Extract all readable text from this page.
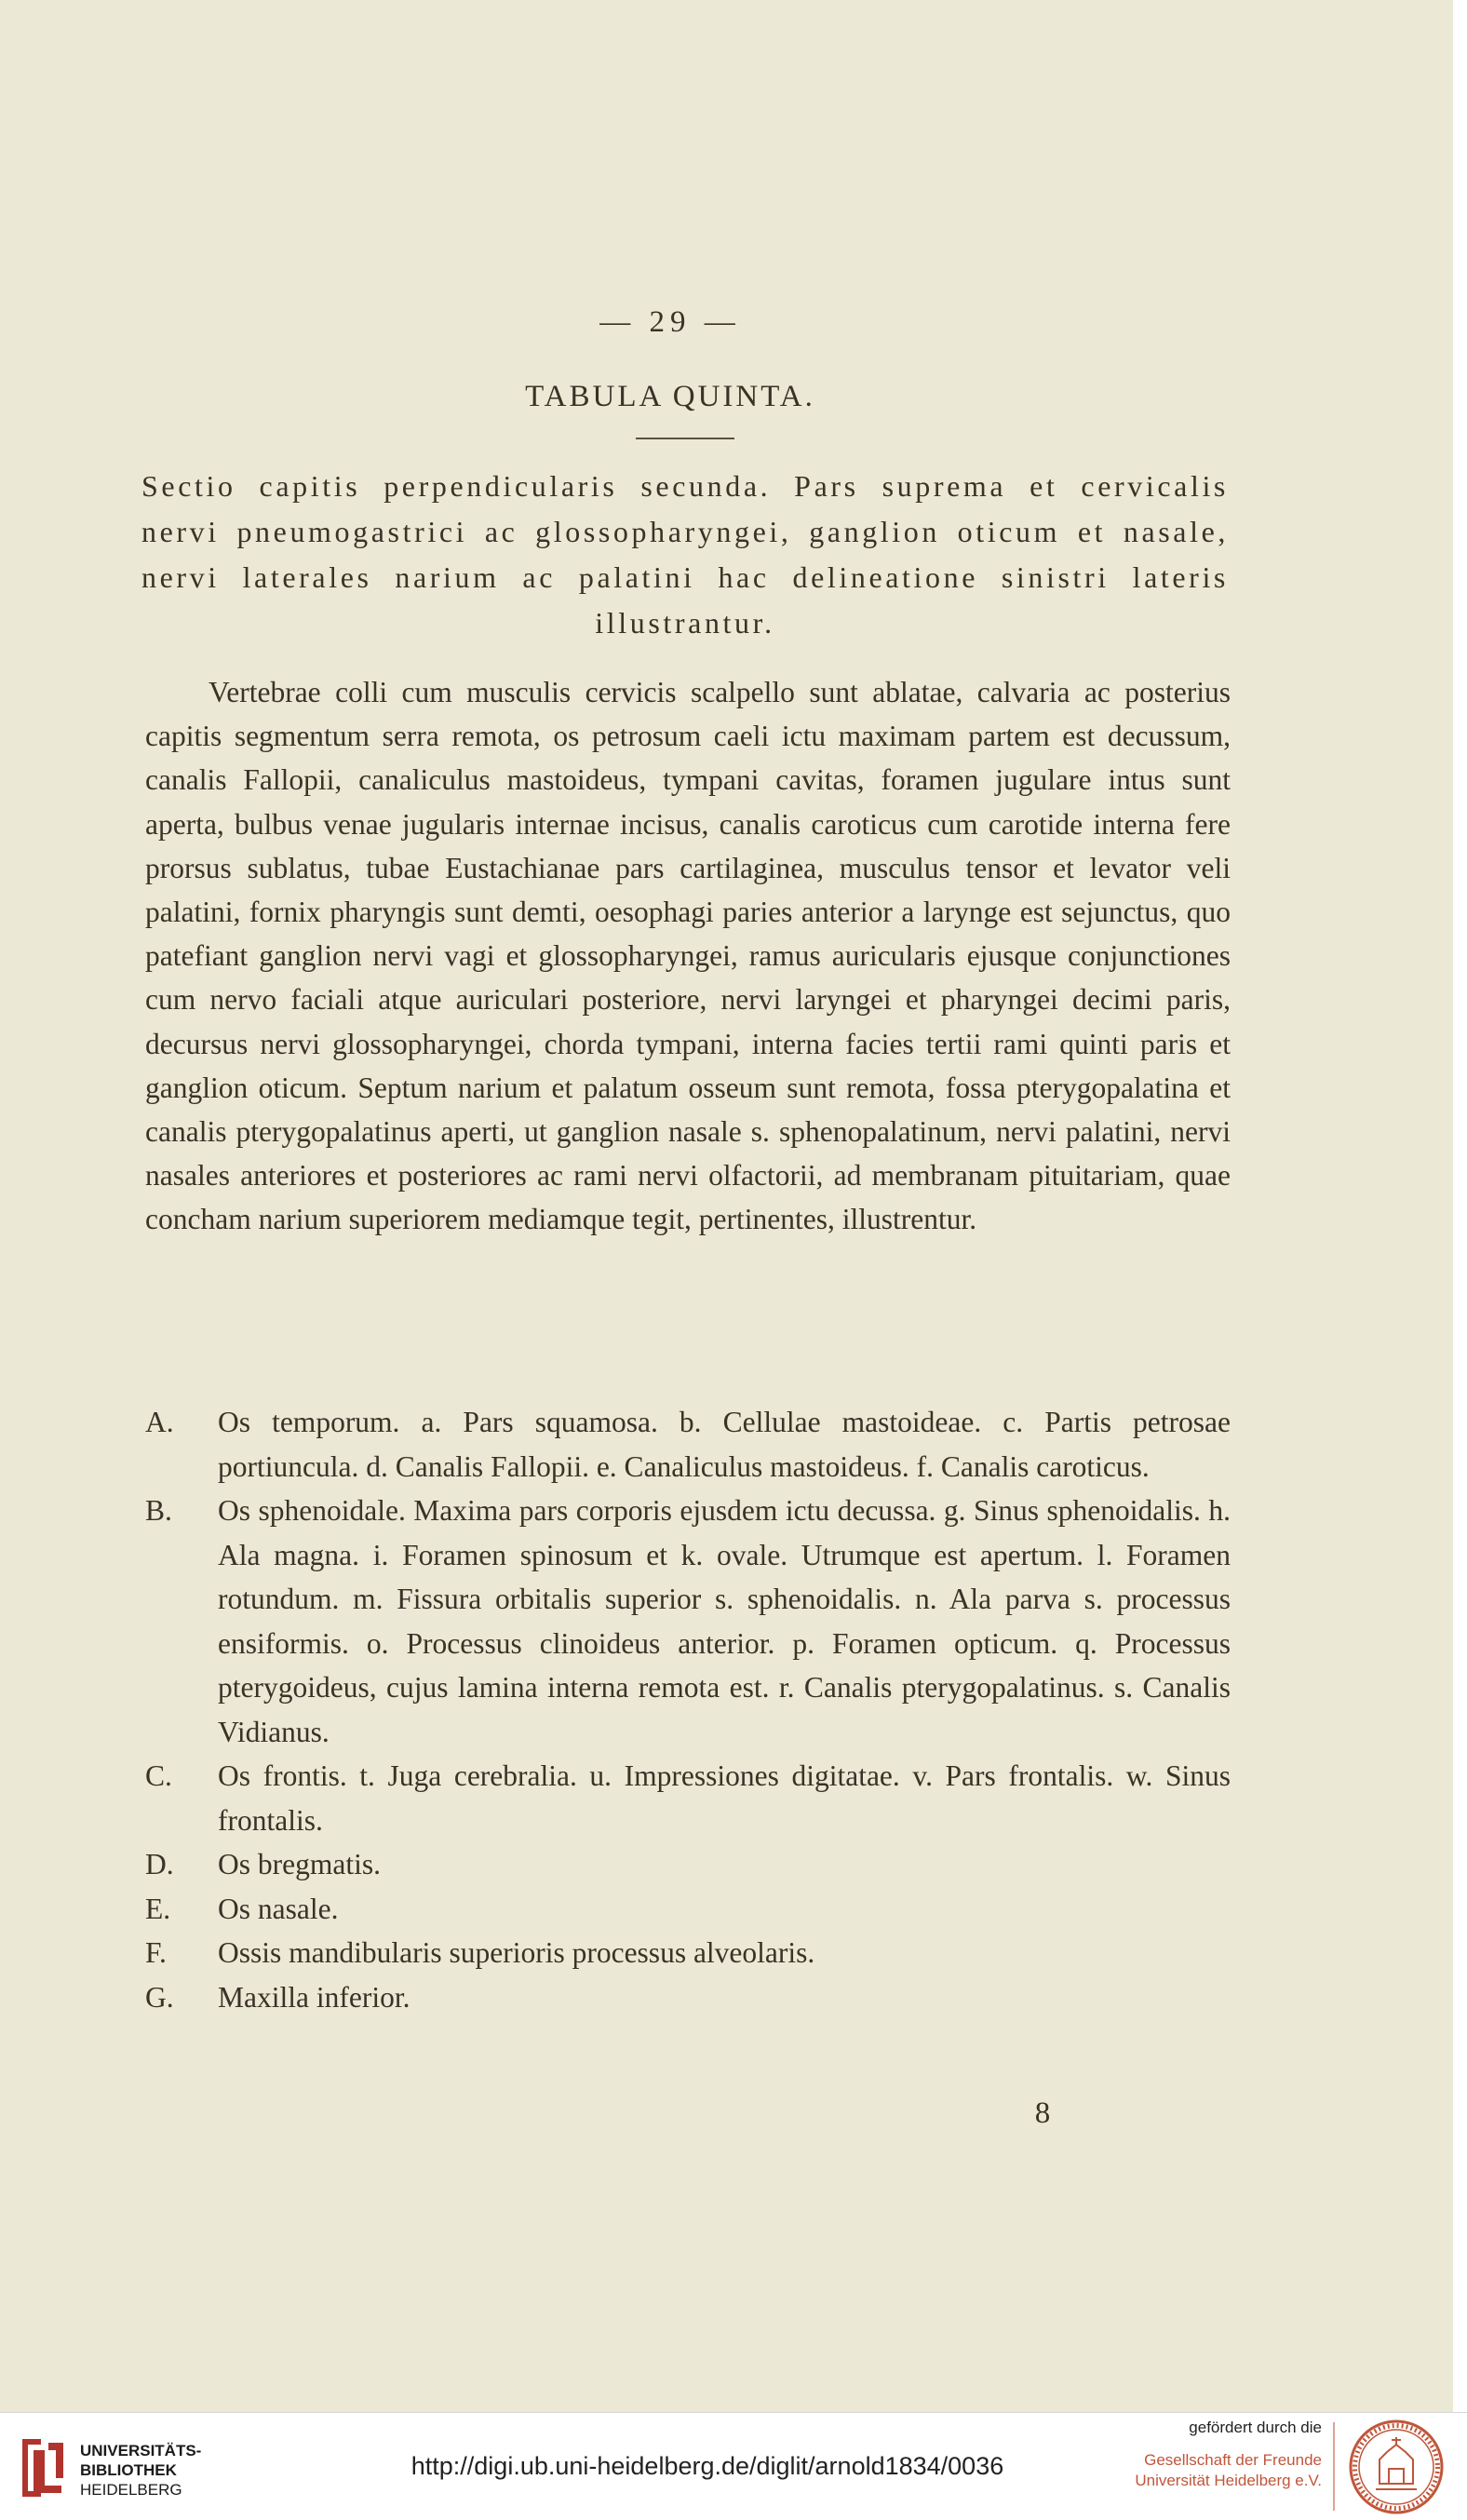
— 29 —
TABULA QUINTA.

Sectio capitis perpendicularis secunda. Pars suprema et cervicalis nervi pneumogastrici ac glossopharyngei, ganglion oticum et nasale, nervi laterales narium ac palatini hac delineatione sinistri lateris illustrantur.

Vertebrae colli cum musculis cervicis scalpello sunt ablatae, calvaria ac posterius capitis segmentum serra remota, os petrosum caeli ictu maximam partem est decussum, canalis Fallopii, canaliculus mastoideus, tympani cavitas, foramen jugulare intus sunt aperta, bulbus venae jugularis internae incisus, canalis caroticus cum carotide interna fere prorsus sublatus, tubae Eustachianae pars cartilaginea, musculus tensor et levator veli palatini, fornix pharyngis sunt demti, oesophagi paries anterior a larynge est sejunctus, quo patefiant ganglion nervi vagi et glossopharyngei, ramus auricularis ejusque conjunctiones cum nervo faciali atque auriculari posteriore, nervi laryngei et pharyngei decimi paris, decursus nervi glossopharyngei, chorda tympani, interna facies tertii rami quinti paris et ganglion oticum. Septum narium et palatum osseum sunt remota, fossa pterygopalatina et canalis pterygopalatinus aperti, ut ganglion nasale s. sphenopalatinum, nervi palatini, nervi nasales anteriores et posteriores ac rami nervi olfactorii, ad membranam pituitariam, quae concham narium superiorem mediamque tegit, pertinentes, illustrentur.

A.	Os temporum. a. Pars squamosa. b. Cellulae mastoideae. c. Partis petrosae portiuncula. d. Canalis Fallopii. e. Canaliculus mastoideus. f. Canalis caroticus.
B.	Os sphenoidale. Maxima pars corporis ejusdem ictu decussa. g. Sinus sphenoidalis. h. Ala magna. i. Foramen spinosum et k. ovale. Utrumque est apertum. l. Foramen rotundum. m. Fissura orbitalis superior s. sphenoidalis. n. Ala parva s. processus ensiformis. o. Processus clinoideus anterior. p. Foramen opticum. q. Processus pterygoideus, cujus lamina interna remota est. r. Canalis pterygopalatinus. s. Canalis Vidianus.
C.	Os frontis. t. Juga cerebralia. u. Impressiones digitatae. v. Pars frontalis. w. Sinus frontalis.
D.	Os bregmatis.
E.	Os nasale.
F.	Ossis mandibularis superioris processus alveolaris.
G.	Maxilla inferior.
8
UNIVERSITÄTS-
BIBLIOTHEK
HEIDELBERG
http://digi.ub.uni-heidelberg.de/diglit/arnold1834/0036
gefördert durch die
Gesellschaft der Freunde
Universität Heidelberg e.V.
